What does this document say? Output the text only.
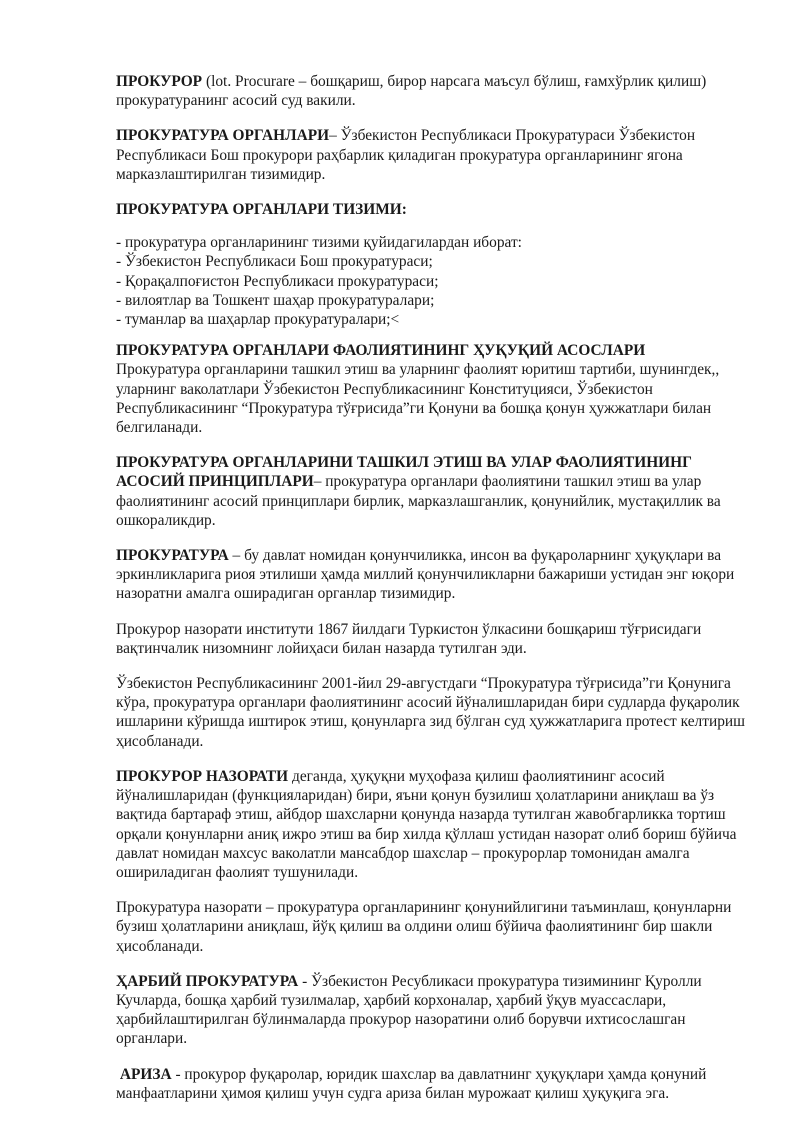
ПРОКУРОР (lot. Procurare – бошқариш, бирор нарсага маъсул бўлиш, ғамхўрлик қилиш) прокуратуранинг асосий суд вакили.

ПРОКУРАТУРА ОРГАНЛАРИ– Ўзбекистон Республикаси Прокуратураси Ўзбекистон Республикаси Бош прокурори раҳбарлик қиладиган прокуратура органларининг ягона марказлаштирилган тизимидир.

ПРОКУРАТУРА ОРГАНЛАРИ ТИЗИМИ:

- прокуратура органларининг тизими қуйидагилардан иборат:
- Ўзбекистон Республикаси Бош прокуратураси;
- Қорақалпоғистон Республикаси прокуратураси;
- вилоятлар ва Тошкент шаҳар прокуратуралари;
- туманлар ва шаҳарлар прокуратуралари;<

ПРОКУРАТУРА ОРГАНЛАРИ ФАОЛИЯТИНИНГ ҲУҚУҚИЙ АСОСЛАРИ

Прокуратура органларини ташкил этиш ва уларнинг фаолият юритиш тартиби, шунингдек,, уларнинг ваколатлари Ўзбекистон Республикасининг Конституцияси, Ўзбекистон Республикасининг “Прокуратура тўғрисида”ги Қонуни ва бошқа қонун ҳужжатлари билан белгиланади.

ПРОКУРАТУРА ОРГАНЛАРИНИ ТАШКИЛ ЭТИШ ВА УЛАР ФАОЛИЯТИНИНГ АСОСИЙ ПРИНЦИПЛАРИ– прокуратура органлари фаолиятини ташкил этиш ва улар фаолиятининг асосий принциплари бирлик, марказлашганлик, қонунийлик, мустақиллик ва ошкораликдир.

ПРОКУРАТУРА – бу давлат номидан қонунчиликка, инсон ва фуқароларнинг ҳуқуқлари ва эркинликларига риоя этилиши ҳамда миллий қонунчиликларни бажариши устидан энг юқори назоратни амалга оширадиган органлар тизимидир.

Прокурор назорати институти 1867 йилдаги Туркистон ўлкасини бошқариш тўғрисидаги вақтинчалик низомнинг лойиҳаси билан назарда тутилган эди.

Ўзбекистон Республикасининг 2001-йил 29-августдаги “Прокуратура тўғрисида”ги Қонунига кўра, прокуратура органлари фаолиятининг асосий йўналишларидан бири судларда фуқаролик ишларини кўришда иштирок этиш, қонунларга зид бўлган суд ҳужжатларига протест келтириш ҳисобланади.

ПРОКУРОР НАЗОРАТИ деганда, ҳуқуқни муҳофаза қилиш фаолиятининг асосий йўналишларидан (функцияларидан) бири, яъни қонун бузилиш ҳолатларини аниқлаш ва ўз вақтида бартараф этиш, айбдор шахсларни қонунда назарда тутилган жавобгарликка тортиш орқали қонунларни аниқ ижро этиш ва бир хилда қўллаш устидан назорат олиб бориш бўйича давлат номидан махсус ваколатли мансабдор шахслар – прокурорлар томонидан амалга ошириладиган фаолият тушунилади.

Прокуратура назорати – прокуратура органларининг қонунийлигини таъминлаш, қонунларни бузиш ҳолатларини аниқлаш, йўқ қилиш ва олдини олиш бўйича фаолиятининг бир шакли ҳисобланади.

ҲАРБИЙ ПРОКУРАТУРА - Ўзбекистон Ресубликаси прокуратура тизимининг Қуролли Кучларда, бошқа ҳарбий тузилмалар, ҳарбий корхоналар, ҳарбий ўқув муассаслари, ҳарбийлаштирилган бўлинмаларда прокурор назоратини олиб борувчи ихтисослашган органлари.

АРИЗА - прокурор фуқаролар, юридик шахслар ва давлатнинг ҳуқуқлари ҳамда қонуний манфаатларини ҳимоя қилиш учун судга ариза билан мурожаат қилиш ҳуқуқига эга.
